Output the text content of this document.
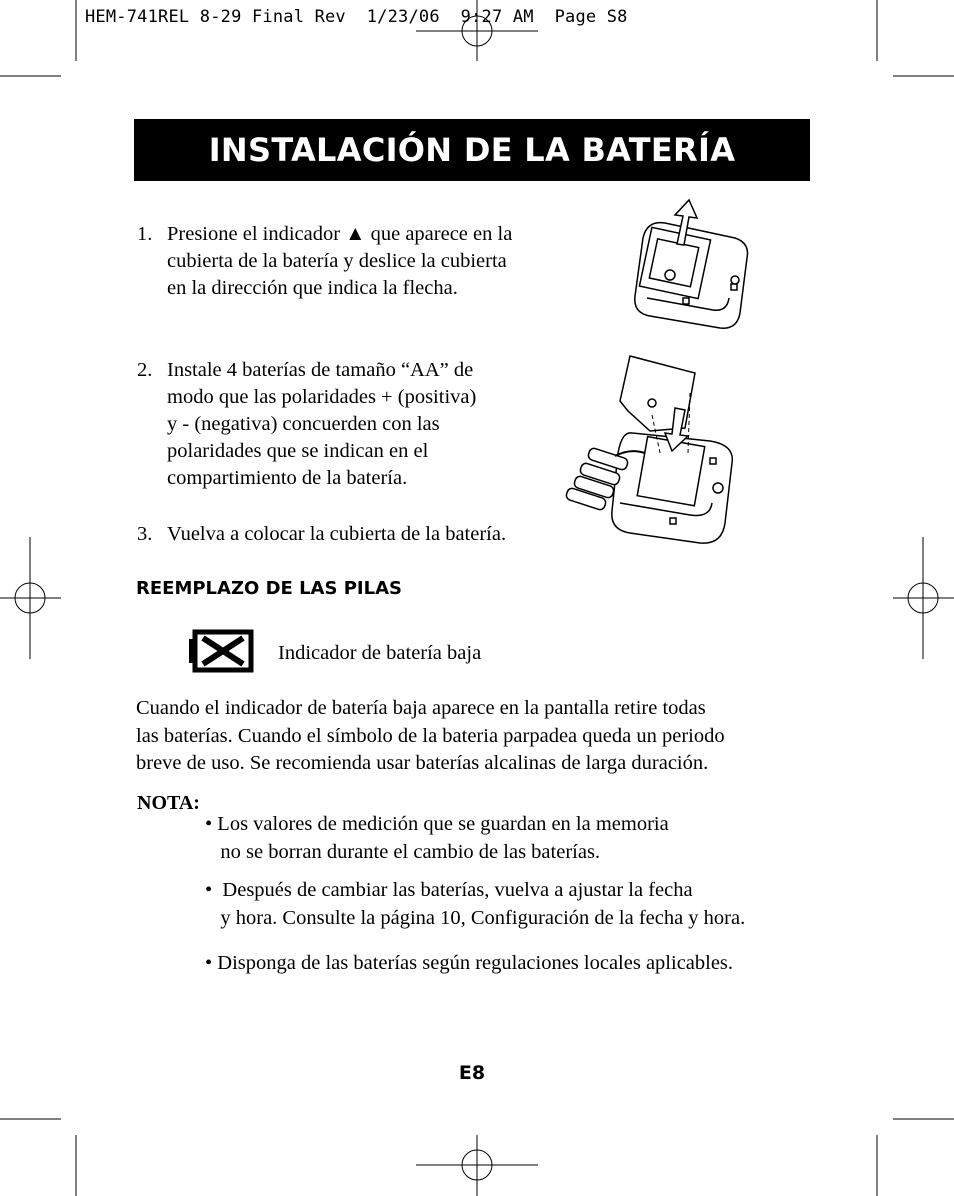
HEM-741REL 8-29 Final Rev  1/23/06  9:27 AM  Page S8
INSTALACIÓN DE LA BATERÍA
1. Presione el indicador ▲ que aparece en la
cubierta de la batería y deslice la cubierta
en la dirección que indica la flecha.
2. Instale 4 baterías de tamaño “AA” de
modo que las polaridades + (positiva)
y - (negativa) concuerden con las
polaridades que se indican en el
compartimiento de la batería.
3. Vuelva a colocar la cubierta de la batería.
REEMPLAZO DE LAS PILAS
Indicador de batería baja
Cuando el indicador de batería baja aparece en la pantalla retire todas
las baterías. Cuando el símbolo de la bateria parpadea queda un periodo
breve de uso. Se recomienda usar baterías alcalinas de larga duración.
NOTA:
• Los valores de medición que se guardan en la memoria
no se borran durante el cambio de las baterías.
•  Después de cambiar las baterías, vuelva a ajustar la fecha
y hora. Consulte la página 10, Configuración de la fecha y hora.
• Disponga de las baterías según regulaciones locales aplicables.
E8
